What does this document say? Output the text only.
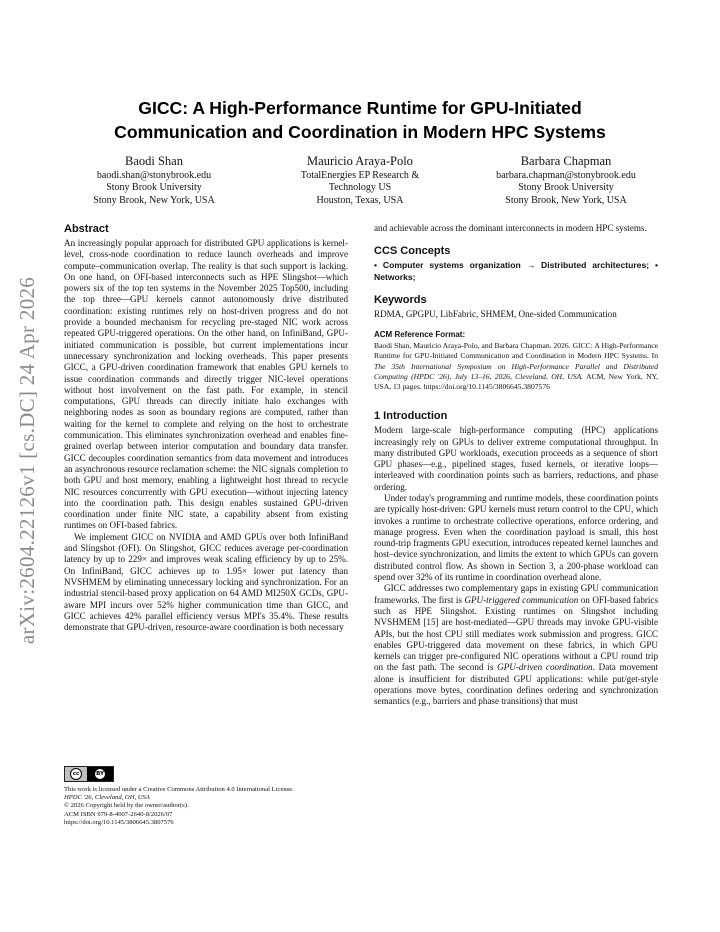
arXiv:2604.22126v1 [cs.DC] 24 Apr 2026
GICC: A High-Performance Runtime for GPU-Initiated
Communication and Coordination in Modern HPC Systems
Baodi Shan
baodi.shan@stonybrook.edu
Stony Brook University
Stony Brook, New York, USA
Mauricio Araya-Polo
TotalEnergies EP Research &
Technology US
Houston, Texas, USA
Barbara Chapman
barbara.chapman@stonybrook.edu
Stony Brook University
Stony Brook, New York, USA
Abstract

An increasingly popular approach for distributed GPU applications is kernel-level, cross-node coordination to reduce launch overheads and improve compute–communication overlap. The reality is that such support is lacking. On one hand, on OFI-based interconnects such as HPE Slingshot—which powers six of the top ten systems in the November 2025 Top500, including the top three—GPU kernels cannot autonomously drive distributed coordination: existing runtimes rely on host-driven progress and do not provide a bounded mechanism for recycling pre-staged NIC work across repeated GPU-triggered operations. On the other hand, on InfiniBand, GPU-initiated communication is possible, but current implementations incur unnecessary synchronization and locking overheads. This paper presents GICC, a GPU-driven coordination framework that enables GPU kernels to issue coordination commands and directly trigger NIC-level operations without host involvement on the fast path. For example, in stencil computations, GPU threads can directly initiate halo exchanges with neighboring nodes as soon as boundary regions are computed, rather than waiting for the kernel to complete and relying on the host to orchestrate communication. This eliminates synchronization overhead and enables fine-grained overlap between interior computation and boundary data transfer. GICC decouples coordination semantics from data movement and introduces an asynchronous resource reclamation scheme: the NIC signals completion to both GPU and host memory, enabling a lightweight host thread to recycle NIC resources concurrently with GPU execution—without injecting latency into the coordination path. This design enables sustained GPU-driven coordination under finite NIC state, a capability absent from existing runtimes on OFI-based fabrics.

We implement GICC on NVIDIA and AMD GPUs over both InfiniBand and Slingshot (OFI). On Slingshot, GICC reduces average per-coordination latency by up to 229× and improves weak scaling efficiency by up to 25%. On InfiniBand, GICC achieves up to 1.95× lower put latency than NVSHMEM by eliminating unnecessary locking and synchronization. For an industrial stencil-based proxy application on 64 AMD MI250X GCDs, GPU-aware MPI incurs over 52% higher communication time than GICC, and GICC achieves 42% parallel efficiency versus MPI's 35.4%. These results demonstrate that GPU-driven, resource-aware coordination is both necessary

cc	BY
This work is licensed under a Creative Commons Attribution 4.0 International License.
HPDC '26, Cleveland, OH, USA
© 2026 Copyright held by the owner/author(s).
ACM ISBN 979-8-4007-2640-8/2026/07
https://doi.org/10.1145/3806645.3807576

and achievable across the dominant interconnects in modern HPC systems.

CCS Concepts

• Computer systems organization → Distributed architectures; • Networks;

Keywords

RDMA, GPGPU, LibFabric, SHMEM, One-sided Communication

ACM Reference Format:

Baodi Shan, Mauricio Araya-Polo, and Barbara Chapman. 2026. GICC: A High-Performance Runtime for GPU-Initiated Communication and Coordination in Modern HPC Systems. In The 35th International Symposium on High-Performance Parallel and Distributed Computing (HPDC '26), July 13–16, 2026, Cleveland, OH, USA. ACM, New York, NY, USA, 13 pages. https://doi.org/10.1145/3806645.3807576

1 Introduction

Modern large-scale high-performance computing (HPC) applications increasingly rely on GPUs to deliver extreme computational throughput. In many distributed GPU workloads, execution proceeds as a sequence of short GPU phases—e.g., pipelined stages, fused kernels, or iterative loops—interleaved with coordination points such as barriers, reductions, and phase ordering.

Under today's programming and runtime models, these coordination points are typically host-driven: GPU kernels must return control to the CPU, which invokes a runtime to orchestrate collective operations, enforce ordering, and manage progress. Even when the coordination payload is small, this host round-trip fragments GPU execution, introduces repeated kernel launches and host–device synchronization, and limits the extent to which GPUs can govern distributed control flow. As shown in Section 3, a 200-phase workload can spend over 32% of its runtime in coordination overhead alone.

GICC addresses two complementary gaps in existing GPU communication frameworks. The first is GPU-triggered communication on OFI-based fabrics such as HPE Slingshot. Existing runtimes on Slingshot including NVSHMEM [15] are host-mediated—GPU threads may invoke GPU-visible APIs, but the host CPU still mediates work submission and progress. GICC enables GPU-triggered data movement on these fabrics, in which GPU kernels can trigger pre-configured NIC operations without a CPU round trip on the fast path. The second is GPU-driven coordination. Data movement alone is insufficient for distributed GPU applications: while put/get-style operations move bytes, coordination defines ordering and synchronization semantics (e.g., barriers and phase transitions) that must
